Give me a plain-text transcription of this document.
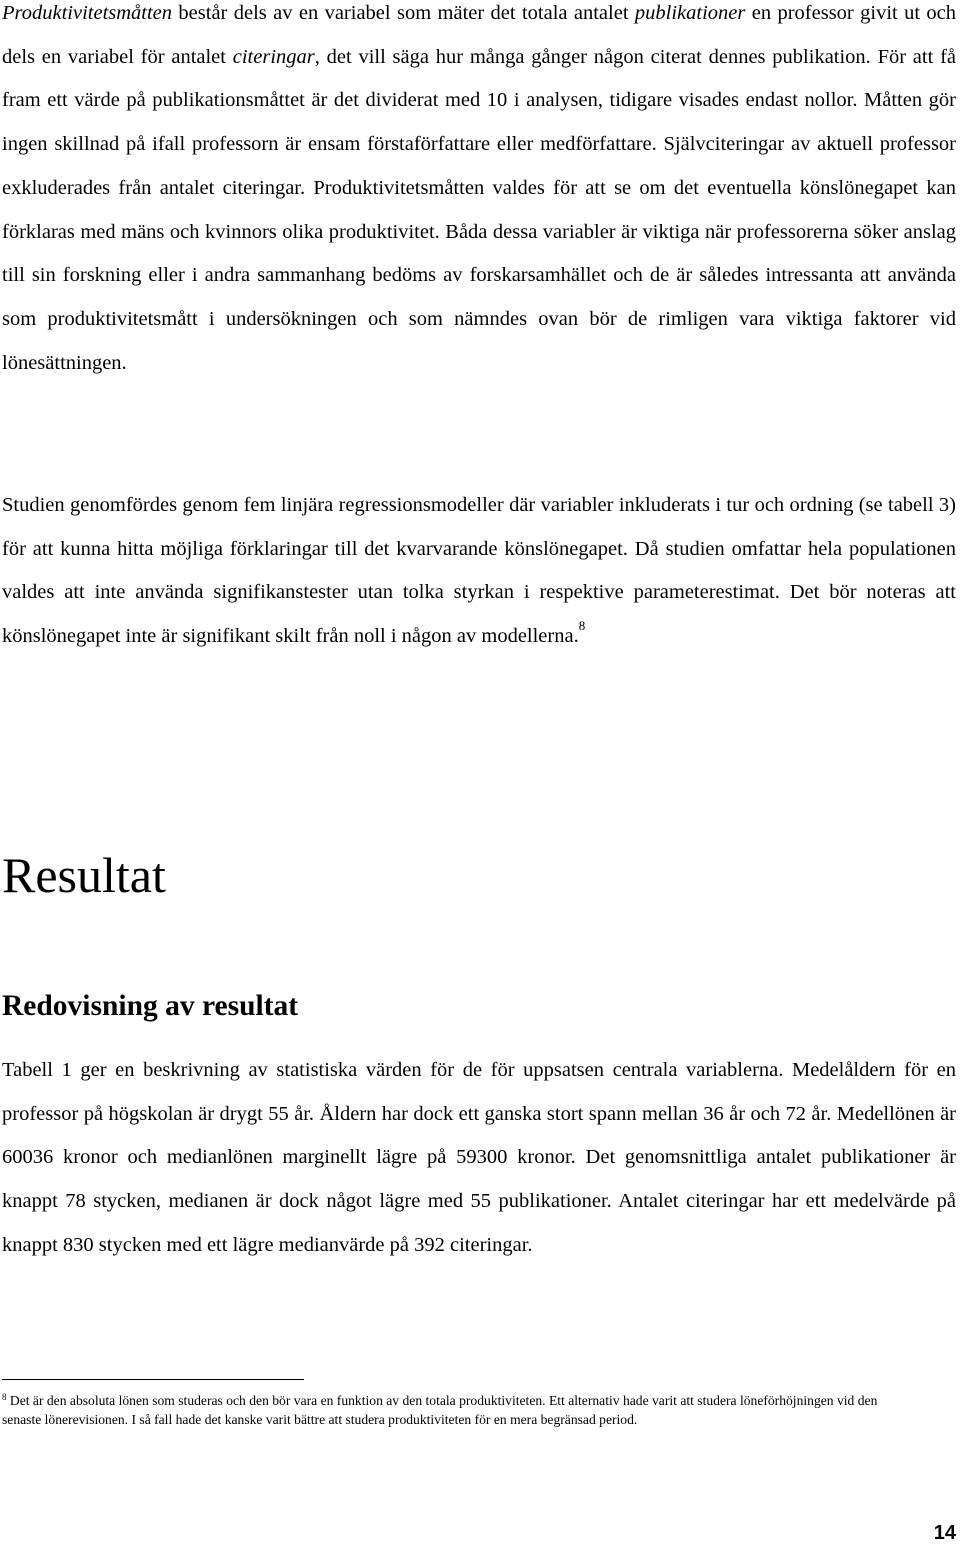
Produktivitetsmåtten består dels av en variabel som mäter det totala antalet publikationer en professor givit ut och dels en variabel för antalet citeringar, det vill säga hur många gånger någon citerat dennes publikation. För att få fram ett värde på publikationsmåttet är det dividerat med 10 i analysen, tidigare visades endast nollor. Måtten gör ingen skillnad på ifall professorn är ensam förstaförfattare eller medförfattare. Självciteringar av aktuell professor exkluderades från antalet citeringar. Produktivitetsmåtten valdes för att se om det eventuella könslönegapet kan förklaras med mäns och kvinnors olika produktivitet. Båda dessa variabler är viktiga när professorerna söker anslag till sin forskning eller i andra sammanhang bedöms av forskarsamhället och de är således intressanta att använda som produktivitetsmått i undersökningen och som nämndes ovan bör de rimligen vara viktiga faktorer vid lönesättningen.

Studien genomfördes genom fem linjära regressionsmodeller där variabler inkluderats i tur och ordning (se tabell 3) för att kunna hitta möjliga förklaringar till det kvarvarande könslönegapet. Då studien omfattar hela populationen valdes att inte använda signifikanstester utan tolka styrkan i respektive parameterestimat. Det bör noteras att könslönegapet inte är signifikant skilt från noll i någon av modellerna.$^8$

Resultat
Redovisning av resultat

Tabell 1 ger en beskrivning av statistiska värden för de för uppsatsen centrala variablerna. Medelåldern för en professor på högskolan är drygt 55 år. Åldern har dock ett ganska stort spann mellan 36 år och 72 år. Medellönen är 60036 kronor och medianlönen marginellt lägre på 59300 kronor. Det genomsnittliga antalet publikationer är knappt 78 stycken, medianen är dock något lägre med 55 publikationer. Antalet citeringar har ett medelvärde på knappt 830 stycken med ett lägre medianvärde på 392 citeringar.

$^8$ Det är den absoluta lönen som studeras och den bör vara en funktion av den totala produktiviteten. Ett alternativ hade varit att studera löneförhöjningen vid den senaste lönerevisionen. I så fall hade det kanske varit bättre att studera produktiviteten för en mera begränsad period.

14
